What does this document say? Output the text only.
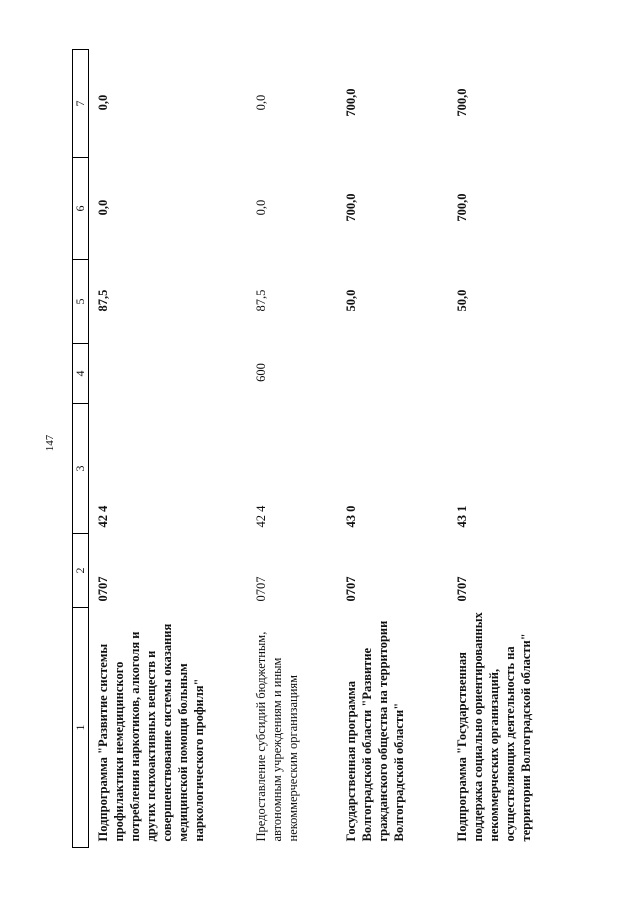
147
1	2	3	4	5	6	7
Подпрограмма "Развитие системы профилактики немедицинского потребления наркотиков, алкоголя и других психоактивных веществ и совершенствование системы оказания медицинской помощи больным наркологического профиля"	0707	42 4		87,5	0,0	0,0
Предоставление субсидий бюджетным, автономным учреждениям и иным некоммерческим организациям	0707	42 4	600	87,5	0,0	0,0
Государственная программа Волгоградской области "Развитие гражданского общества на территории Волгоградской области"	0707	43 0		50,0	700,0	700,0
Подпрограмма "Государственная поддержка социально ориентированных некоммерческих организаций, осуществляющих деятельность на территории Волгоградской области"	0707	43 1		50,0	700,0	700,0
